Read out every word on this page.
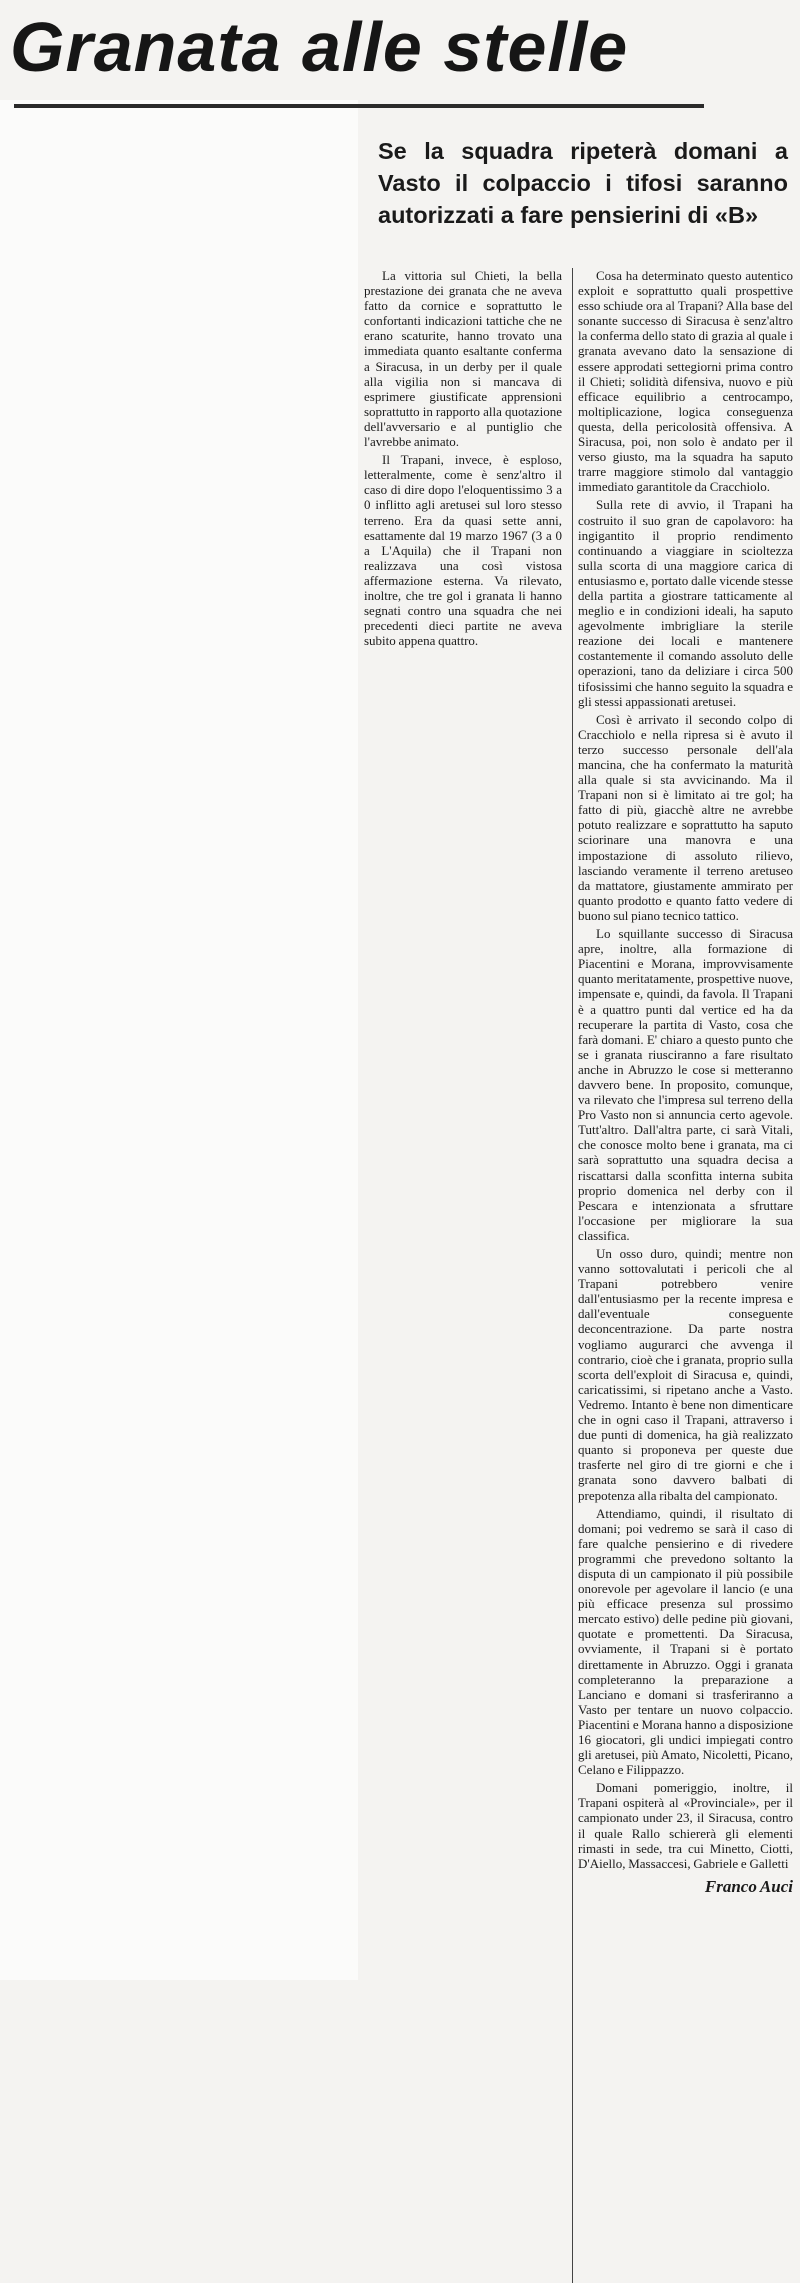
Granata alle stelle
Se la squadra ripeterà domani a Vasto il colpaccio i tifosi saranno autorizzati a fare pensierini di «B»

La vittoria sul Chieti, la bella prestazione dei granata che ne aveva fatto da cornice e soprattutto le confortanti indicazioni tattiche che ne erano scaturite, hanno trovato una immediata quanto esaltante conferma a Siracusa, in un derby per il quale alla vigilia non si mancava di esprimere giustificate apprensioni soprattutto in rapporto alla quotazione dell'avversario e al puntiglio che l'avrebbe animato.

Il Trapani, invece, è esploso, letteralmente, come è senz'altro il caso di dire dopo l'eloquentissimo 3 a 0 inflitto agli aretusei sul loro stesso terreno. Era da quasi sette anni, esattamente dal 19 marzo 1967 (3 a 0 a L'Aquila) che il Trapani non realizzava una così vistosa affermazione esterna. Va rilevato, inoltre, che tre gol i granata li hanno segnati contro una squadra che nei precedenti dieci partite ne aveva subito appena quattro.

Cosa ha determinato questo autentico exploit e soprattutto quali prospettive esso schiude ora al Trapani? Alla base del sonante successo di Siracusa è senz'altro la conferma dello stato di grazia al quale i granata avevano dato la sensazione di essere approdati settegiorni prima contro il Chieti; solidità difensiva, nuovo e più efficace equilibrio a centrocampo, moltiplicazione, logica conseguenza questa, della pericolosità offensiva. A Siracusa, poi, non solo è andato per il verso giusto, ma la squadra ha saputo trarre maggiore stimolo dal vantaggio immediato garantitole da Cracchiolo.

Sulla rete di avvio, il Trapani ha costruito il suo gran de capolavoro: ha ingigantito il proprio rendimento continuando a viaggiare in scioltezza sulla scorta di una maggiore carica di entusiasmo e, portato dalle vicende stesse della partita a giostrare tatticamente al meglio e in condizioni ideali, ha saputo agevolmente imbrigliare la sterile reazione dei locali e mantenere costantemente il comando assoluto delle operazioni, tano da deliziare i circa 500 tifosissimi che hanno seguito la squadra e gli stessi appassionati aretusei.

Così è arrivato il secondo colpo di Cracchiolo e nella ripresa si è avuto il terzo successo personale dell'ala mancina, che ha confermato la maturità alla quale si sta avvicinando. Ma il Trapani non si è limitato ai tre gol; ha fatto di più, giacchè altre ne avrebbe potuto realizzare e soprattutto ha saputo sciorinare una manovra e una impostazione di assoluto rilievo, lasciando veramente il terreno aretuseo da mattatore, giustamente ammirato per quanto prodotto e quanto fatto vedere di buono sul piano tecnico tattico.

Lo squillante successo di Siracusa apre, inoltre, alla formazione di Piacentini e Morana, improvvisamente quanto meritatamente, prospettive nuove, impensate e, quindi, da favola. Il Trapani è a quattro punti dal vertice ed ha da recuperare la partita di Vasto, cosa che farà domani. E' chiaro a questo punto che se i granata riusciranno a fare risultato anche in Abruzzo le cose si metteranno davvero bene. In proposito, comunque, va rilevato che l'impresa sul terreno della Pro Vasto non si annuncia certo agevole. Tutt'altro. Dall'altra parte, ci sarà Vitali, che conosce molto bene i granata, ma ci sarà soprattutto una squadra decisa a riscattarsi dalla sconfitta interna subita proprio domenica nel derby con il Pescara e intenzionata a sfruttare l'occasione per migliorare la sua classifica.

Un osso duro, quindi; mentre non vanno sottovalutati i pericoli che al Trapani potrebbero venire dall'entusiasmo per la recente impresa e dall'eventuale conseguente deconcentrazione. Da parte nostra vogliamo augurarci che avvenga il contrario, cioè che i granata, proprio sulla scorta dell'exploit di Siracusa e, quindi, caricatissimi, si ripetano anche a Vasto. Vedremo. Intanto è bene non dimenticare che in ogni caso il Trapani, attraverso i due punti di domenica, ha già realizzato quanto si proponeva per queste due trasferte nel giro di tre giorni e che i granata sono davvero balbati di prepotenza alla ribalta del campionato.

Attendiamo, quindi, il risultato di domani; poi vedremo se sarà il caso di fare qualche pensierino e di rivedere programmi che prevedono soltanto la disputa di un campionato il più possibile onorevole per agevolare il lancio (e una più efficace presenza sul prossimo mercato estivo) delle pedine più giovani, quotate e promettenti. Da Siracusa, ovviamente, il Trapani si è portato direttamente in Abruzzo. Oggi i granata completeranno la preparazione a Lanciano e domani si trasferiranno a Vasto per tentare un nuovo colpaccio. Piacentini e Morana hanno a disposizione 16 giocatori, gli undici impiegati contro gli aretusei, più Amato, Nicoletti, Picano, Celano e Filippazzo.

Domani pomeriggio, inoltre, il Trapani ospiterà al «Provinciale», per il campionato under 23, il Siracusa, contro il quale Rallo schiererà gli elementi rimasti in sede, tra cui Minetto, Ciotti, D'Aiello, Massaccesi, Gabriele e Galletti

Franco Auci
